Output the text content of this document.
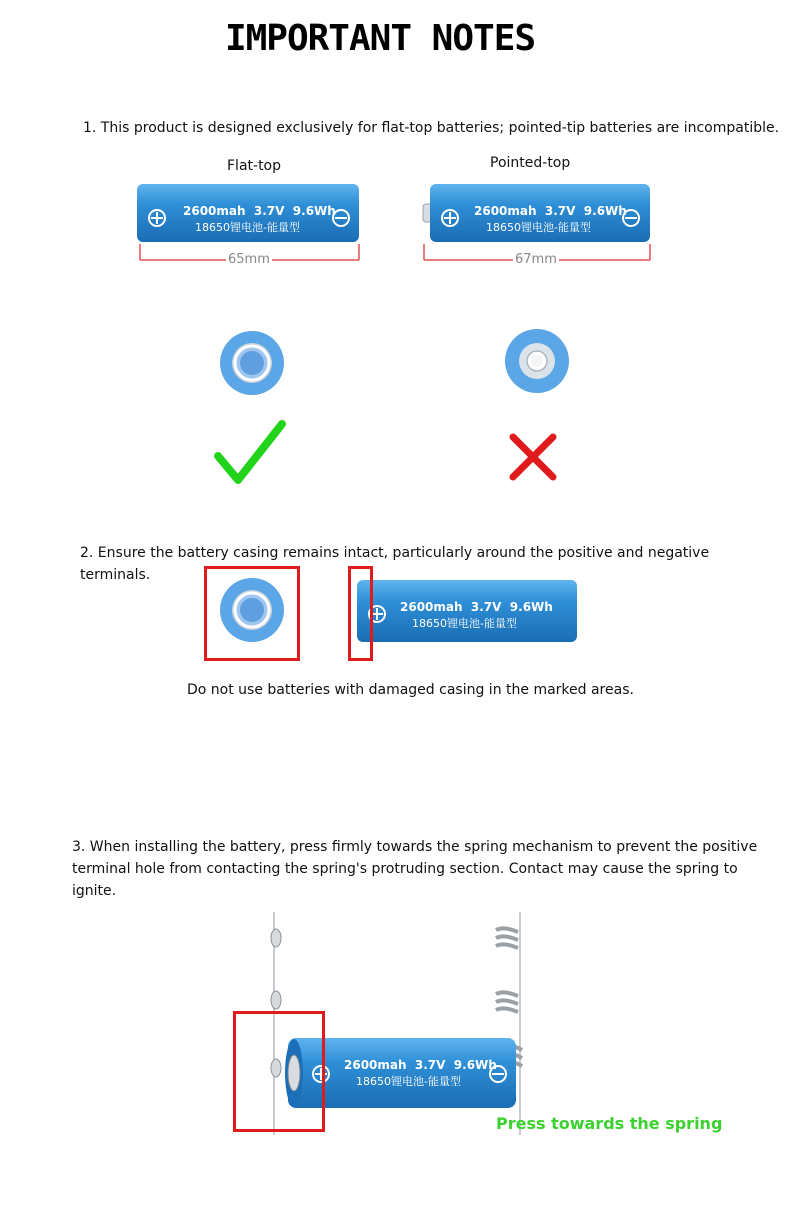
IMPORTANT NOTES
1. This product is designed exclusively for flat-top batteries; pointed-tip batteries are incompatible.
Flat-top	Pointed-top
2600mah  3.7V  9.6Wh
18650锂电池-能量型
2600mah  3.7V  9.6Wh
18650锂电池-能量型
65mm	67mm
2. Ensure the battery casing remains intact, particularly around the positive and negative terminals.
2600mah  3.7V  9.6Wh
18650锂电池-能量型
Do not use batteries with damaged casing in the marked areas.
3. When installing the battery, press firmly towards the spring mechanism to prevent the positive terminal hole from contacting the spring's protruding section. Contact may cause the spring to ignite.
2600mah  3.7V  9.6Wh
18650锂电池-能量型
Press towards the spring
